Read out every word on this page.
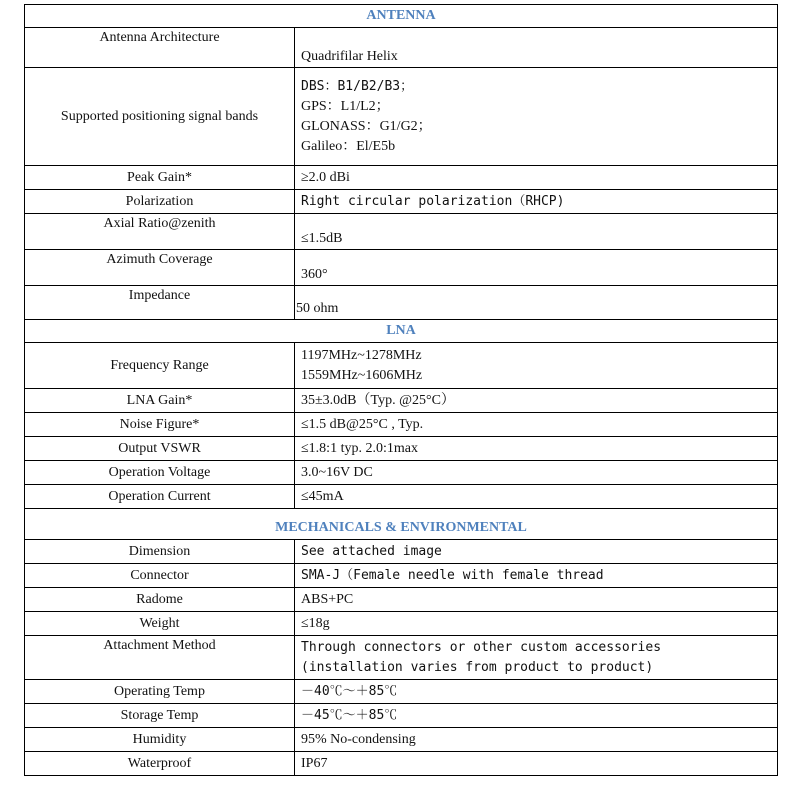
ANTENNA	
Antenna Architecture	Quadrifilar Helix
Supported positioning signal bands	DBS：B1/B2/B3；
GPS：L1/L2；
GLONASS：G1/G2；
Galileo：El/E5b

Peak Gain*	≥2.0 dBi
Polarization	Right circular polarization（RHCP)
Axial Ratio@zenith	≤1.5dB
Azimuth Coverage	360°
Impedance	50 ohm
LNA	
Frequency Range	1197MHz~1278MHz
1559MHz~1606MHz

LNA Gain*	35±3.0dB（Typ. @25°C）
Noise Figure*	≤1.5 dB@25°C , Typ.
Output VSWR	≤1.8:1 typ. 2.0:1max
Operation Voltage	3.0~16V DC
Operation Current	≤45mA
MECHANICALS & ENVIRONMENTAL	
Dimension	See attached image
Connector	SMA-J（Female needle with female thread
Radome	ABS+PC
Weight	≤18g
Attachment Method	Through connectors or other custom accessories
(installation varies from product to product)

Operating Temp	－40℃～＋85℃
Storage Temp	－45℃～＋85℃
Humidity	95% No-condensing
Waterproof	IP67
